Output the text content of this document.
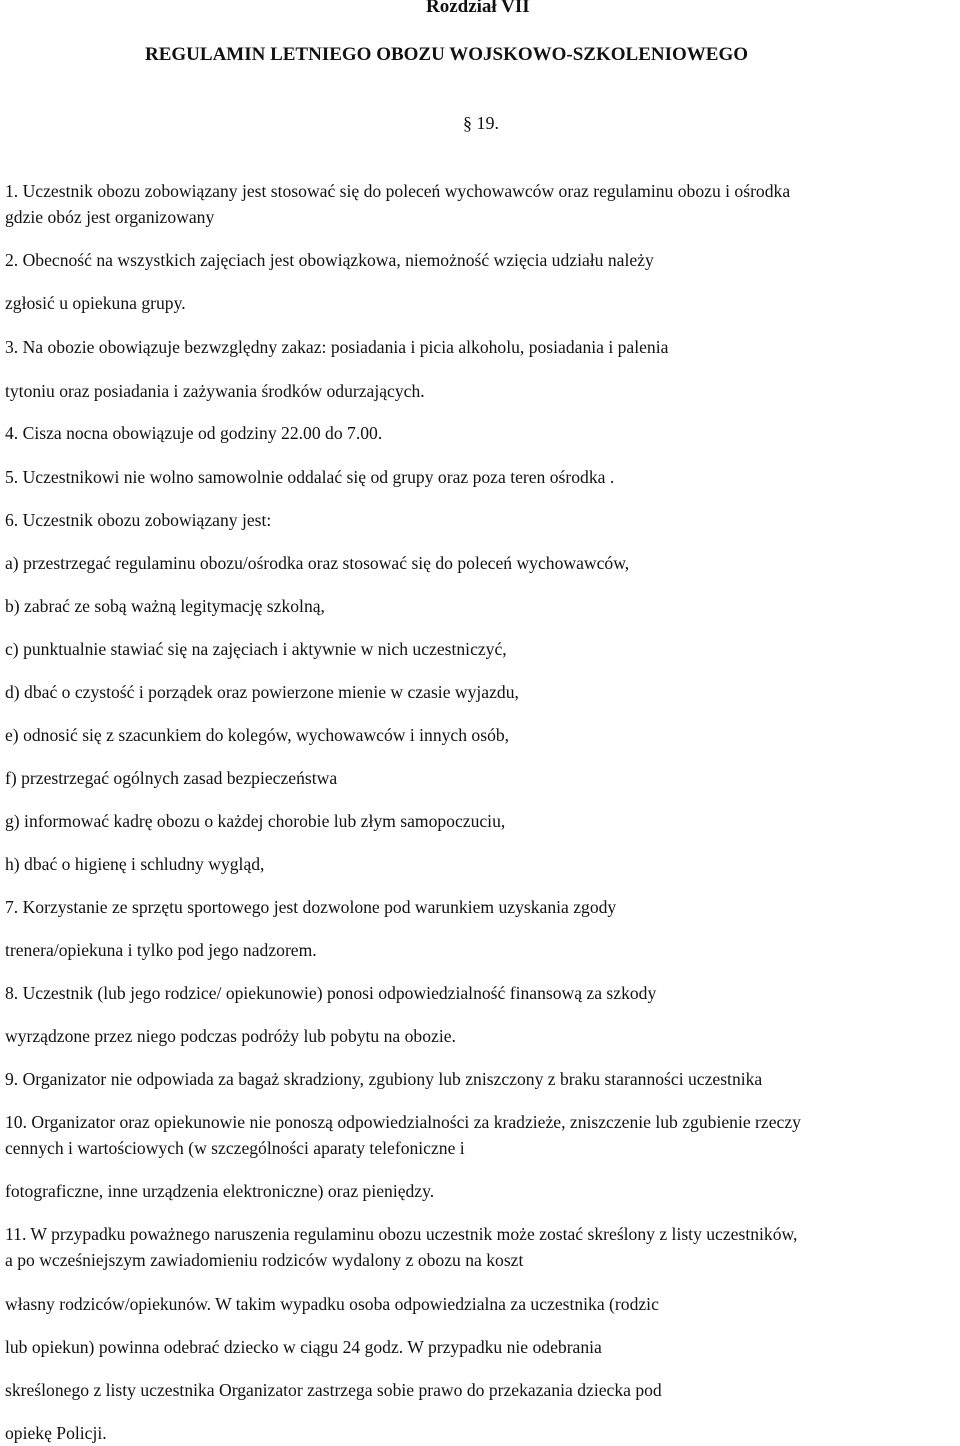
Rozdział VII
REGULAMIN LETNIEGO OBOZU WOJSKOWO-SZKOLENIOWEGO
§ 19.
1. Uczestnik obozu zobowiązany jest stosować się do poleceń wychowawców oraz regulaminu obozu i ośrodka
gdzie obóz jest organizowany
2. Obecność na wszystkich zajęciach jest obowiązkowa, niemożność wzięcia udziału należy
zgłosić u opiekuna grupy.
3. Na obozie obowiązuje bezwzględny zakaz: posiadania i picia alkoholu, posiadania i palenia
tytoniu oraz posiadania i zażywania środków odurzających.
4. Cisza nocna obowiązuje od godziny 22.00 do 7.00.
5. Uczestnikowi nie wolno samowolnie oddalać się od grupy oraz poza teren ośrodka .
6. Uczestnik obozu zobowiązany jest:
a) przestrzegać regulaminu obozu/ośrodka oraz stosować się do poleceń wychowawców,
b) zabrać ze sobą ważną legitymację szkolną,
c) punktualnie stawiać się na zajęciach i aktywnie w nich uczestniczyć,
d) dbać o czystość i porządek oraz powierzone mienie w czasie wyjazdu,
e) odnosić się z szacunkiem do kolegów, wychowawców i innych osób,
f) przestrzegać ogólnych zasad bezpieczeństwa
g) informować kadrę obozu o każdej chorobie lub złym samopoczuciu,
h) dbać o higienę i schludny wygląd,
7. Korzystanie ze sprzętu sportowego jest dozwolone pod warunkiem uzyskania zgody
trenera/opiekuna i tylko pod jego nadzorem.
8. Uczestnik (lub jego rodzice/ opiekunowie) ponosi odpowiedzialność finansową za szkody
wyrządzone przez niego podczas podróży lub pobytu na obozie.
9. Organizator nie odpowiada za bagaż skradziony, zgubiony lub zniszczony z braku staranności uczestnika
10. Organizator oraz opiekunowie nie ponoszą odpowiedzialności za kradzieże, zniszczenie lub zgubienie rzeczy
cennych i wartościowych (w szczególności aparaty telefoniczne i
fotograficzne, inne urządzenia elektroniczne) oraz pieniędzy.
11. W przypadku poważnego naruszenia regulaminu obozu uczestnik może zostać skreślony z listy uczestników,
a po wcześniejszym zawiadomieniu rodziców wydalony z obozu na koszt
własny rodziców/opiekunów. W takim wypadku osoba odpowiedzialna za uczestnika (rodzic
lub opiekun) powinna odebrać dziecko w ciągu 24 godz. W przypadku nie odebrania
skreślonego z listy uczestnika Organizator zastrzega sobie prawo do przekazania dziecka pod
opiekę Policji.
